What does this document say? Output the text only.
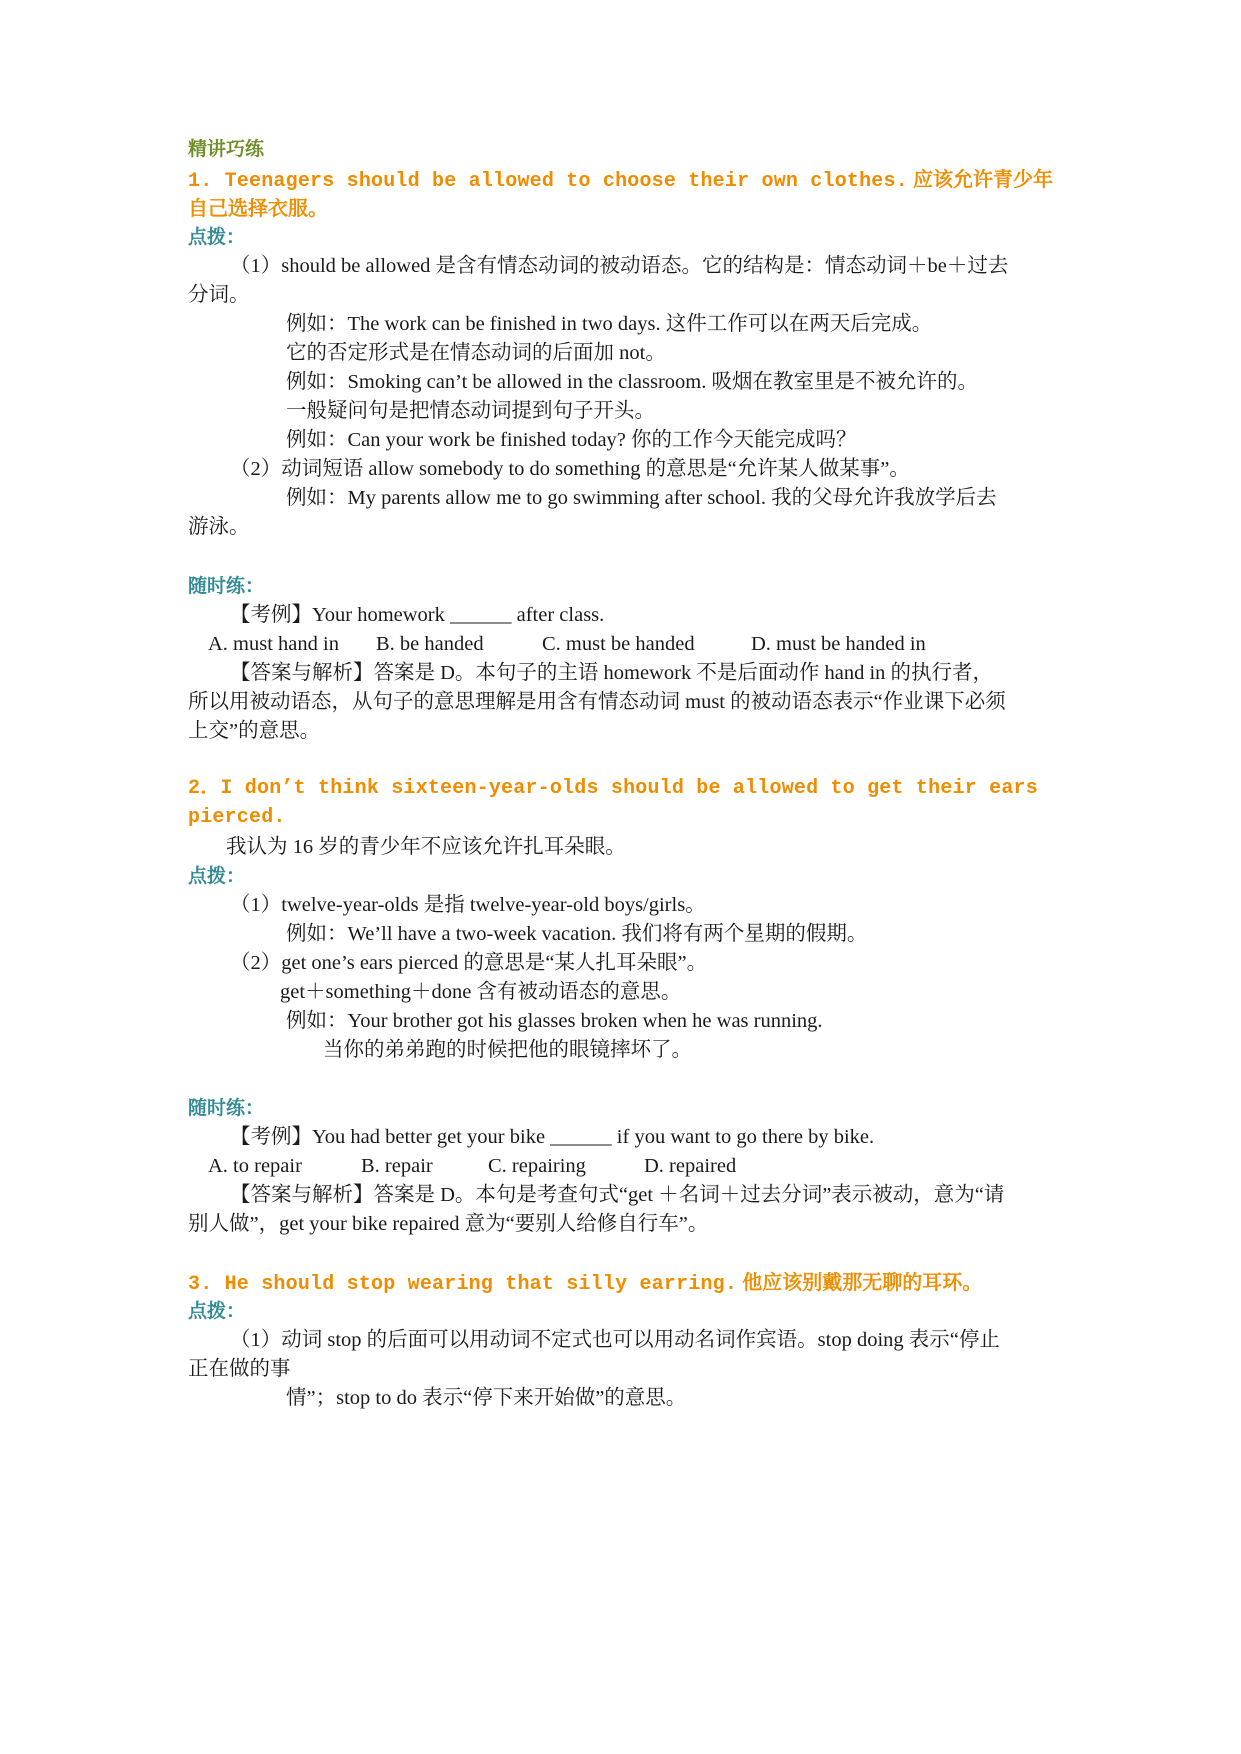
精讲巧练
1. Teenagers should be allowed to choose their own clothes. 应该允许青少年
自己选择衣服。
点拨：
（1）should be allowed 是含有情态动词的被动语态。它的结构是：情态动词＋be＋过去
分词。
例如：The work can be finished in two days. 这件工作可以在两天后完成。
它的否定形式是在情态动词的后面加 not。
例如：Smoking can’t be allowed in the classroom. 吸烟在教室里是不被允许的。
一般疑问句是把情态动词提到句子开头。
例如：Can your work be finished today? 你的工作今天能完成吗？
（2）动词短语 allow somebody to do something 的意思是“允许某人做某事”。
例如：My parents allow me to go swimming after school. 我的父母允许我放学后去
游泳。
随时练：
【考例】Your homework ______ after class.
A. must hand in B. be handed	C. must be handed	D. must be handed in
【答案与解析】答案是 D。本句子的主语 homework 不是后面动作 hand in 的执行者，
所以用被动语态，从句子的意思理解是用含有情态动词 must 的被动语态表示“作业课下必须
上交”的意思。
2．I don’t think sixteen-year-olds should be allowed to get their ears
pierced.
我认为 16 岁的青少年不应该允许扎耳朵眼。
点拨：
（1）twelve-year-olds 是指 twelve-year-old boys/girls。
例如：We’ll have a two-week vacation. 我们将有两个星期的假期。
（2）get one’s ears pierced 的意思是“某人扎耳朵眼”。
get＋something＋done 含有被动语态的意思。
例如：Your brother got his glasses broken when he was running.
当你的弟弟跑的时候把他的眼镜摔坏了。
随时练：
【考例】You had better get your bike ______ if you want to go there by bike.
A. to repair	B. repair	C. repairing	D. repaired
【答案与解析】答案是 D。本句是考查句式“get ＋名词＋过去分词”表示被动，意为“请
别人做”，get your bike repaired 意为“要别人给修自行车”。
3. He should stop wearing that silly earring. 他应该别戴那无聊的耳环。
点拨：
（1）动词 stop 的后面可以用动词不定式也可以用动名词作宾语。stop doing 表示“停止
正在做的事
情”；stop to do 表示“停下来开始做”的意思。
